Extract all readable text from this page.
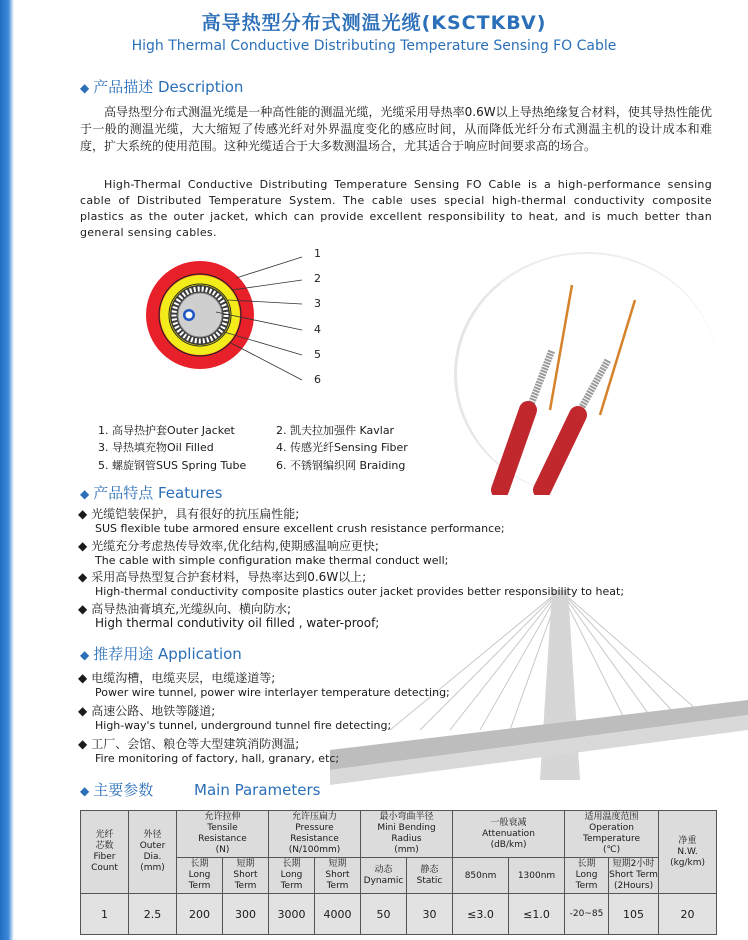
高导热型分布式测温光缆(KSCTKBV)
High Thermal Conductive Distributing Temperature Sensing FO Cable
◆ 产品描述 Description
高导热型分布式测温光缆是一种高性能的测温光缆，光缆采用导热率0.6W以上导热绝缘复合材料，使其导热性能优于一般的测温光缆，大大缩短了传感光纤对外界温度变化的感应时间，从而降低光纤分布式测温主机的设计成本和难度，扩大系统的使用范围。这种光缆适合于大多数测温场合，尤其适合于响应时间要求高的场合。
High-Thermal Conductive Distributing Temperature Sensing FO Cable is a high-performance sensing cable of Distributed Temperature System. The cable uses special high-thermal conductivity composite plastics as the outer jacket, which can provide excellent responsibility to heat, and is much better than general sensing cables.
1
2
3
4
5
6
1. 高导热护套Outer Jacket	2. 凯夫拉加强件 Kavlar
3. 导热填充物Oil Filled	4. 传感光纤Sensing Fiber
5. 螺旋钢管SUS Spring Tube	6. 不锈钢编织网 Braiding
◆ 产品特点 Features
◆ 光缆铠装保护，具有很好的抗压扁性能;
SUS flexible tube armored ensure excellent crush resistance performance;
◆ 光缆充分考虑热传导效率,优化结构,使期感温响应更快;
The cable with simple configuration make thermal conduct well;
◆ 采用高导热型复合护套材料，导热率达到0.6W以上;
High-thermal conductivity composite plastics outer jacket provides better responsibility to heat;
◆ 高导热油膏填充,光缆纵向、横向防水;
High thermal condutivity oil filled , water-proof;
◆ 推荐用途 Application
◆ 电缆沟槽，电缆夹层，电缆遂道等;
Power wire tunnel, power wire interlayer temperature detecting;
◆ 高速公路、地铁等隧道;
High-way's tunnel, underground tunnel fire detecting;
◆ 工厂、会馆、粮仓等大型建筑消防测温;
Fire monitoring of factory, hall, granary, etc;
◆ 主要参数	Main Parameters
光纤
芯数
Fiber
Count	外径
Outer
Dia.
(mm)	允许拉伸
Tensile
Resistance
(N)		允许压扁力
Pressure
Resistance
(N/100mm)		最小弯曲半径
Mini Bending
Radius
(mm)		一般衰减
Attenuation
(dB/km)		适用温度范围
Operation
Temperature
(℃)		净重
N.W.
(kg/km)
		长期
Long Term	短期
Short Term	长期
Long Term	短期
Short Term	动态
Dynamic	静态
Static	850nm	1300nm	长期
Long Term	短期2小时
Short Term
(2Hours)	
1	2.5	200	300	3000	4000	50	30	≤3.0	≤1.0	-20~85	105	20
